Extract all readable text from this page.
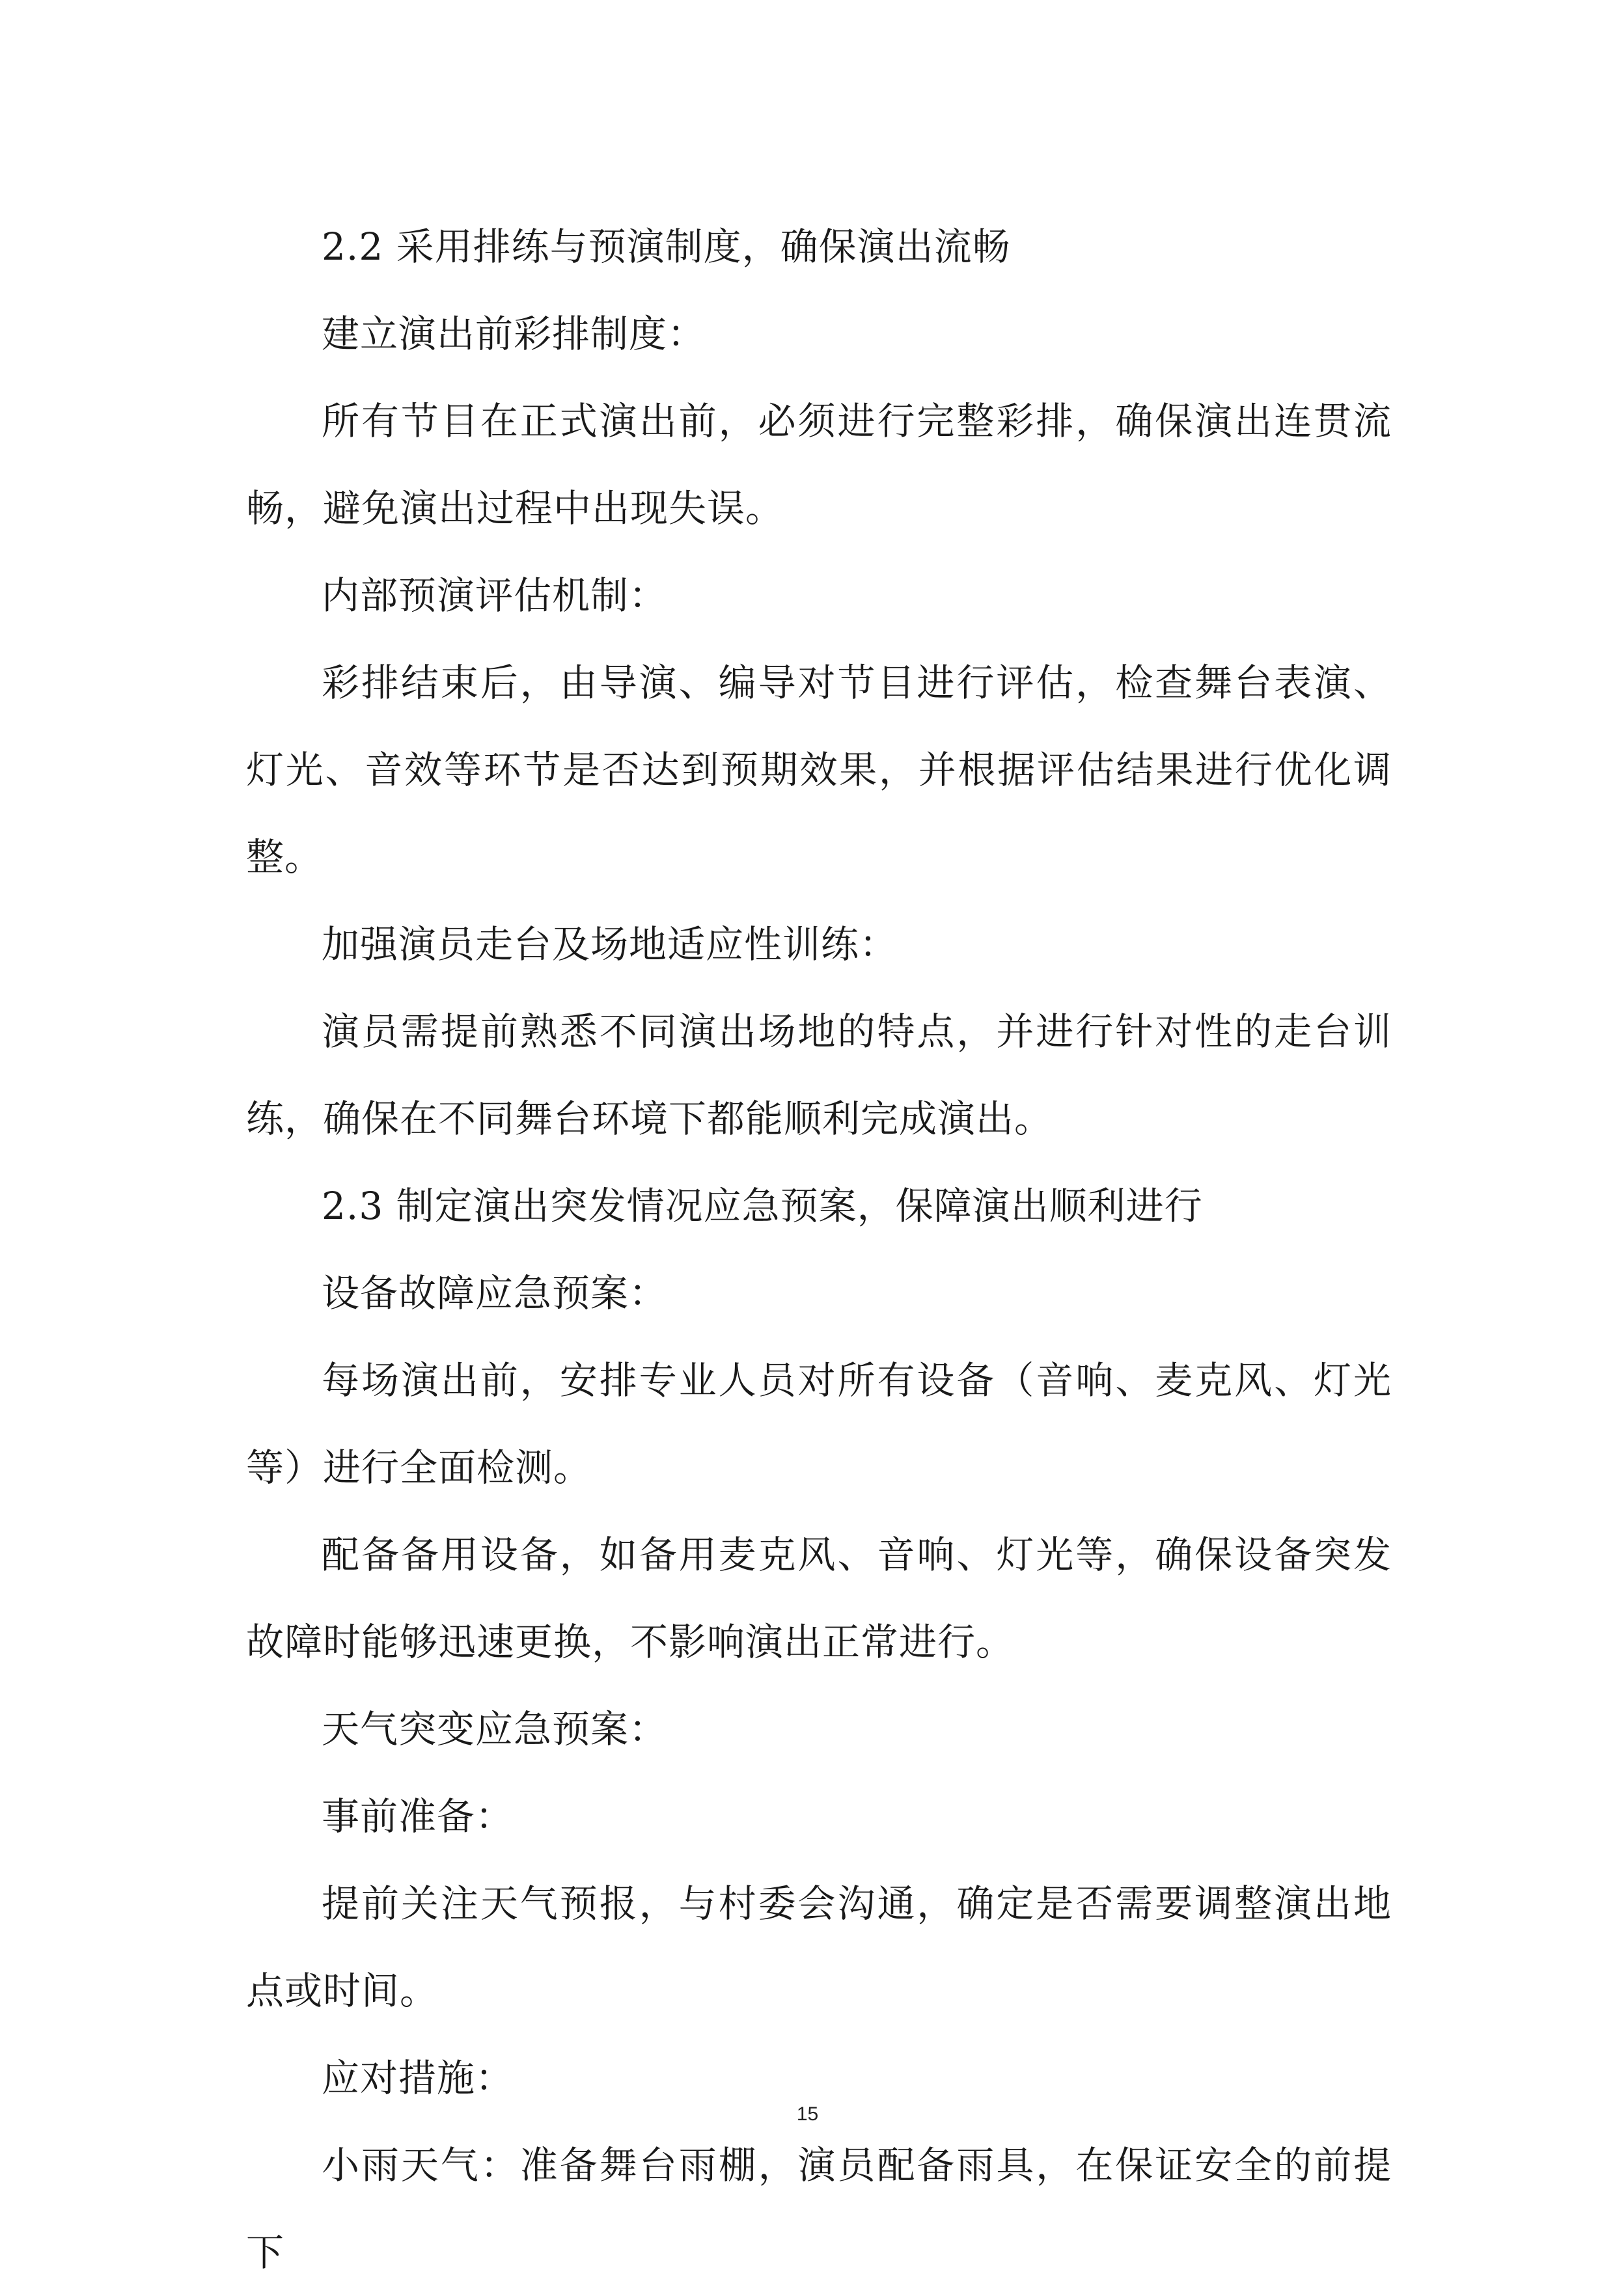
2.2 采用排练与预演制度，确保演出流畅

建立演出前彩排制度：

所有节目在正式演出前，必须进行完整彩排，确保演出连贯流畅，避免演出过程中出现失误。

内部预演评估机制：

彩排结束后，由导演、编导对节目进行评估，检查舞台表演、灯光、音效等环节是否达到预期效果，并根据评估结果进行优化调整。

加强演员走台及场地适应性训练：

演员需提前熟悉不同演出场地的特点，并进行针对性的走台训练，确保在不同舞台环境下都能顺利完成演出。

2.3 制定演出突发情况应急预案，保障演出顺利进行

设备故障应急预案：

每场演出前，安排专业人员对所有设备（音响、麦克风、灯光等）进行全面检测。

配备备用设备，如备用麦克风、音响、灯光等，确保设备突发故障时能够迅速更换，不影响演出正常进行。

天气突变应急预案：

事前准备：

提前关注天气预报，与村委会沟通，确定是否需要调整演出地点或时间。

应对措施：

小雨天气：准备舞台雨棚，演员配备雨具，在保证安全的前提下

15
